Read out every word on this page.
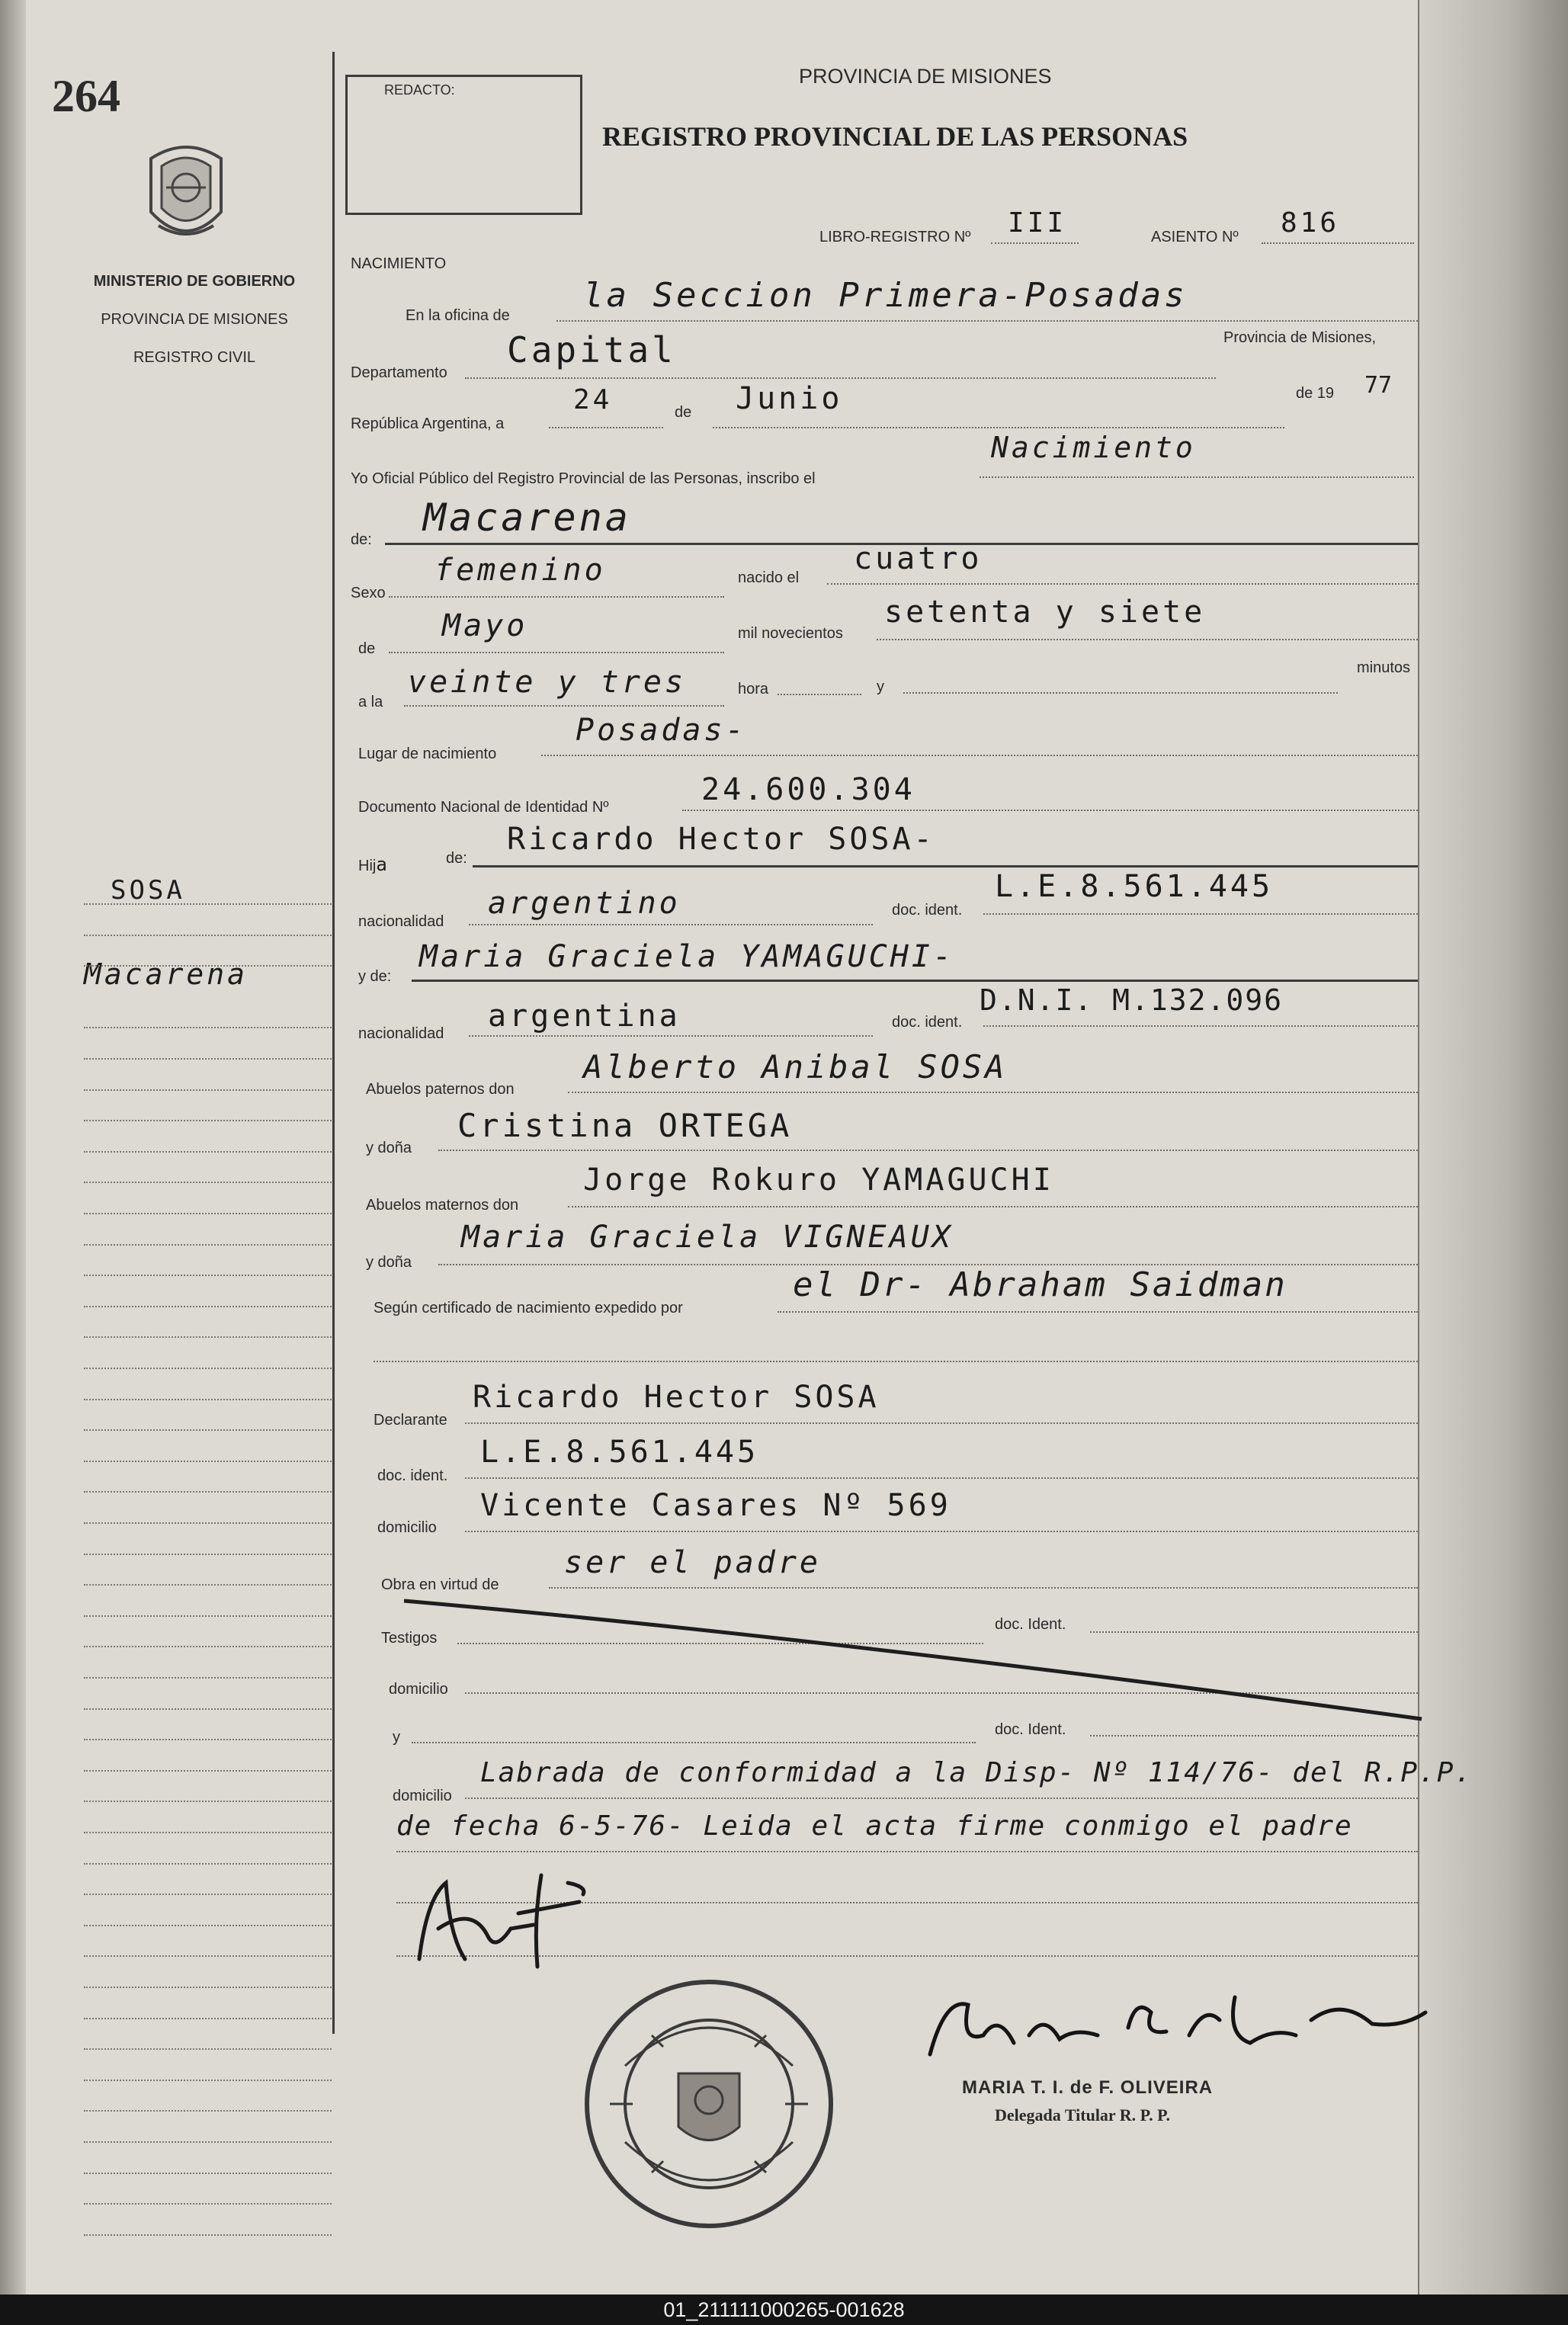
264
MINISTERIO DE GOBIERNO
PROVINCIA DE MISIONES
REGISTRO CIVIL
SOSA
Macarena
REDACTO:
PROVINCIA DE MISIONES
REGISTRO PROVINCIAL DE LAS PERSONAS
LIBRO-REGISTRO Nº III	ASIENTO Nº 816
NACIMIENTO
En la oficina de
la Seccion Primera-Posadas
Departamento
Capital	Provincia de Misiones,
República Argentina, a
24	de Junio	de 19 77
Yo Oficial Público del Registro Provincial de las Personas, inscribo el
Nacimiento
de: Macarena
Sexo
femenino	nacido el
cuatro
de
Mayo	mil novecientos
setenta y siete
a la
veinte y tres	hora	y
minutos
Lugar de nacimiento
Posadas-
Documento Nacional de Identidad Nº	24.600.304
Hija	de:
Ricardo Hector SOSA-
nacionalidad
argentino	doc. ident.
L.E.8.561.445
y de:
Maria Graciela YAMAGUCHI-
nacionalidad argentina	doc. ident.
D.N.I. M.132.096
Abuelos paternos don
Alberto Anibal SOSA
y doña
Cristina ORTEGA
Abuelos maternos don
Jorge Rokuro YAMAGUCHI
y doña
Maria Graciela VIGNEAUX
Según certificado de nacimiento expedido por
el Dr- Abraham Saidman
Declarante
Ricardo Hector SOSA
doc. ident.
L.E.8.561.445
domicilio
Vicente Casares Nº 569
Obra en virtud de
ser el padre
Testigos
doc. Ident.
domicilio
y	doc. Ident.
domicilio
Labrada de conformidad a la Disp- Nº 114/76- del R.P.P.
de fecha 6-5-76- Leida el acta firme conmigo el padre
MARIA T. I. de F. OLIVEIRA
Delegada Titular R. P. P.
01_211111000265-001628
